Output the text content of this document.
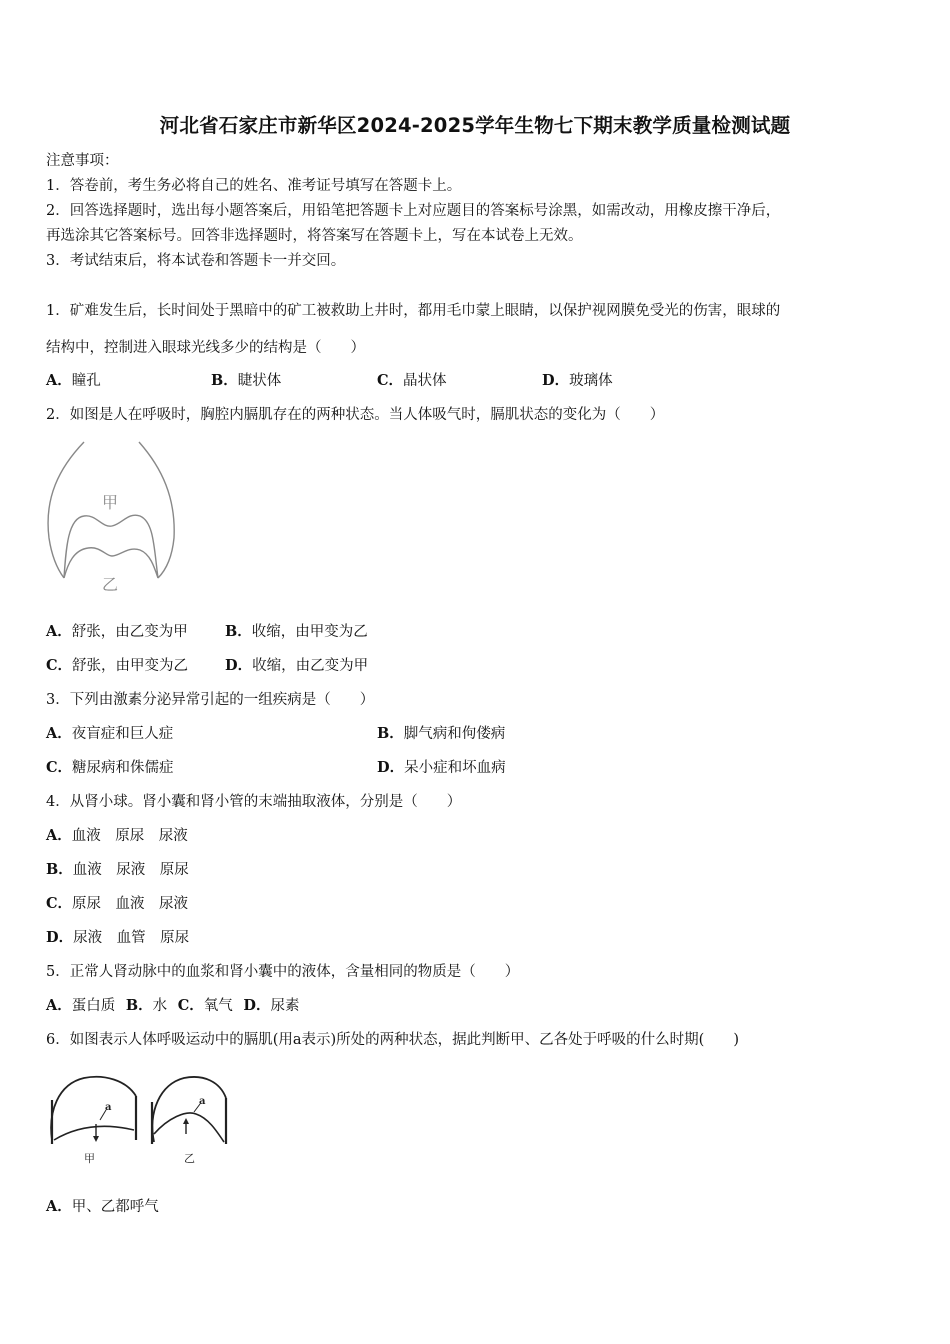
河北省石家庄市新华区2024-2025学年生物七下期末教学质量检测试题
注意事项：
1．答卷前，考生务必将自己的姓名、准考证号填写在答题卡上。
2．回答选择题时，选出每小题答案后，用铅笔把答题卡上对应题目的答案标号涂黑，如需改动，用橡皮擦干净后，
再选涂其它答案标号。回答非选择题时，将答案写在答题卡上，写在本试卷上无效。
3．考试结束后，将本试卷和答题卡一并交回。
1．矿难发生后，长时间处于黑暗中的矿工被救助上井时，都用毛巾蒙上眼睛，以保护视网膜免受光的伤害，眼球的
结构中，控制进入眼球光线多少的结构是（　　）
A．瞳孔	B．睫状体	C．晶状体	D．玻璃体
2．如图是人在呼吸时，胸腔内膈肌存在的两种状态。当人体吸气时，膈肌状态的变化为（　　）
甲
乙
A．舒张，由乙变为甲	B．收缩，由甲变为乙
C．舒张，由甲变为乙	D．收缩，由乙变为甲
3．下列由激素分泌异常引起的一组疾病是（　　）
A．夜盲症和巨人症	B．脚气病和佝偻病
C．糖尿病和侏儒症	D．呆小症和坏血病
4．从肾小球。肾小囊和肾小管的末端抽取液体，分别是（　　）
A．血液　原尿　尿液
B．血液　尿液　原尿
C．原尿　血液　尿液
D．尿液　血管　原尿
5．正常人肾动脉中的血浆和肾小囊中的液体，含量相同的物质是（　　）
A．蛋白质 B．水 C．氧气 D．尿素
6．如图表示人体呼吸运动中的膈肌(用a表示)所处的两种状态，据此判断甲、乙各处于呼吸的什么时期(　　)
a
甲
a
乙
A．甲、乙都呼气
